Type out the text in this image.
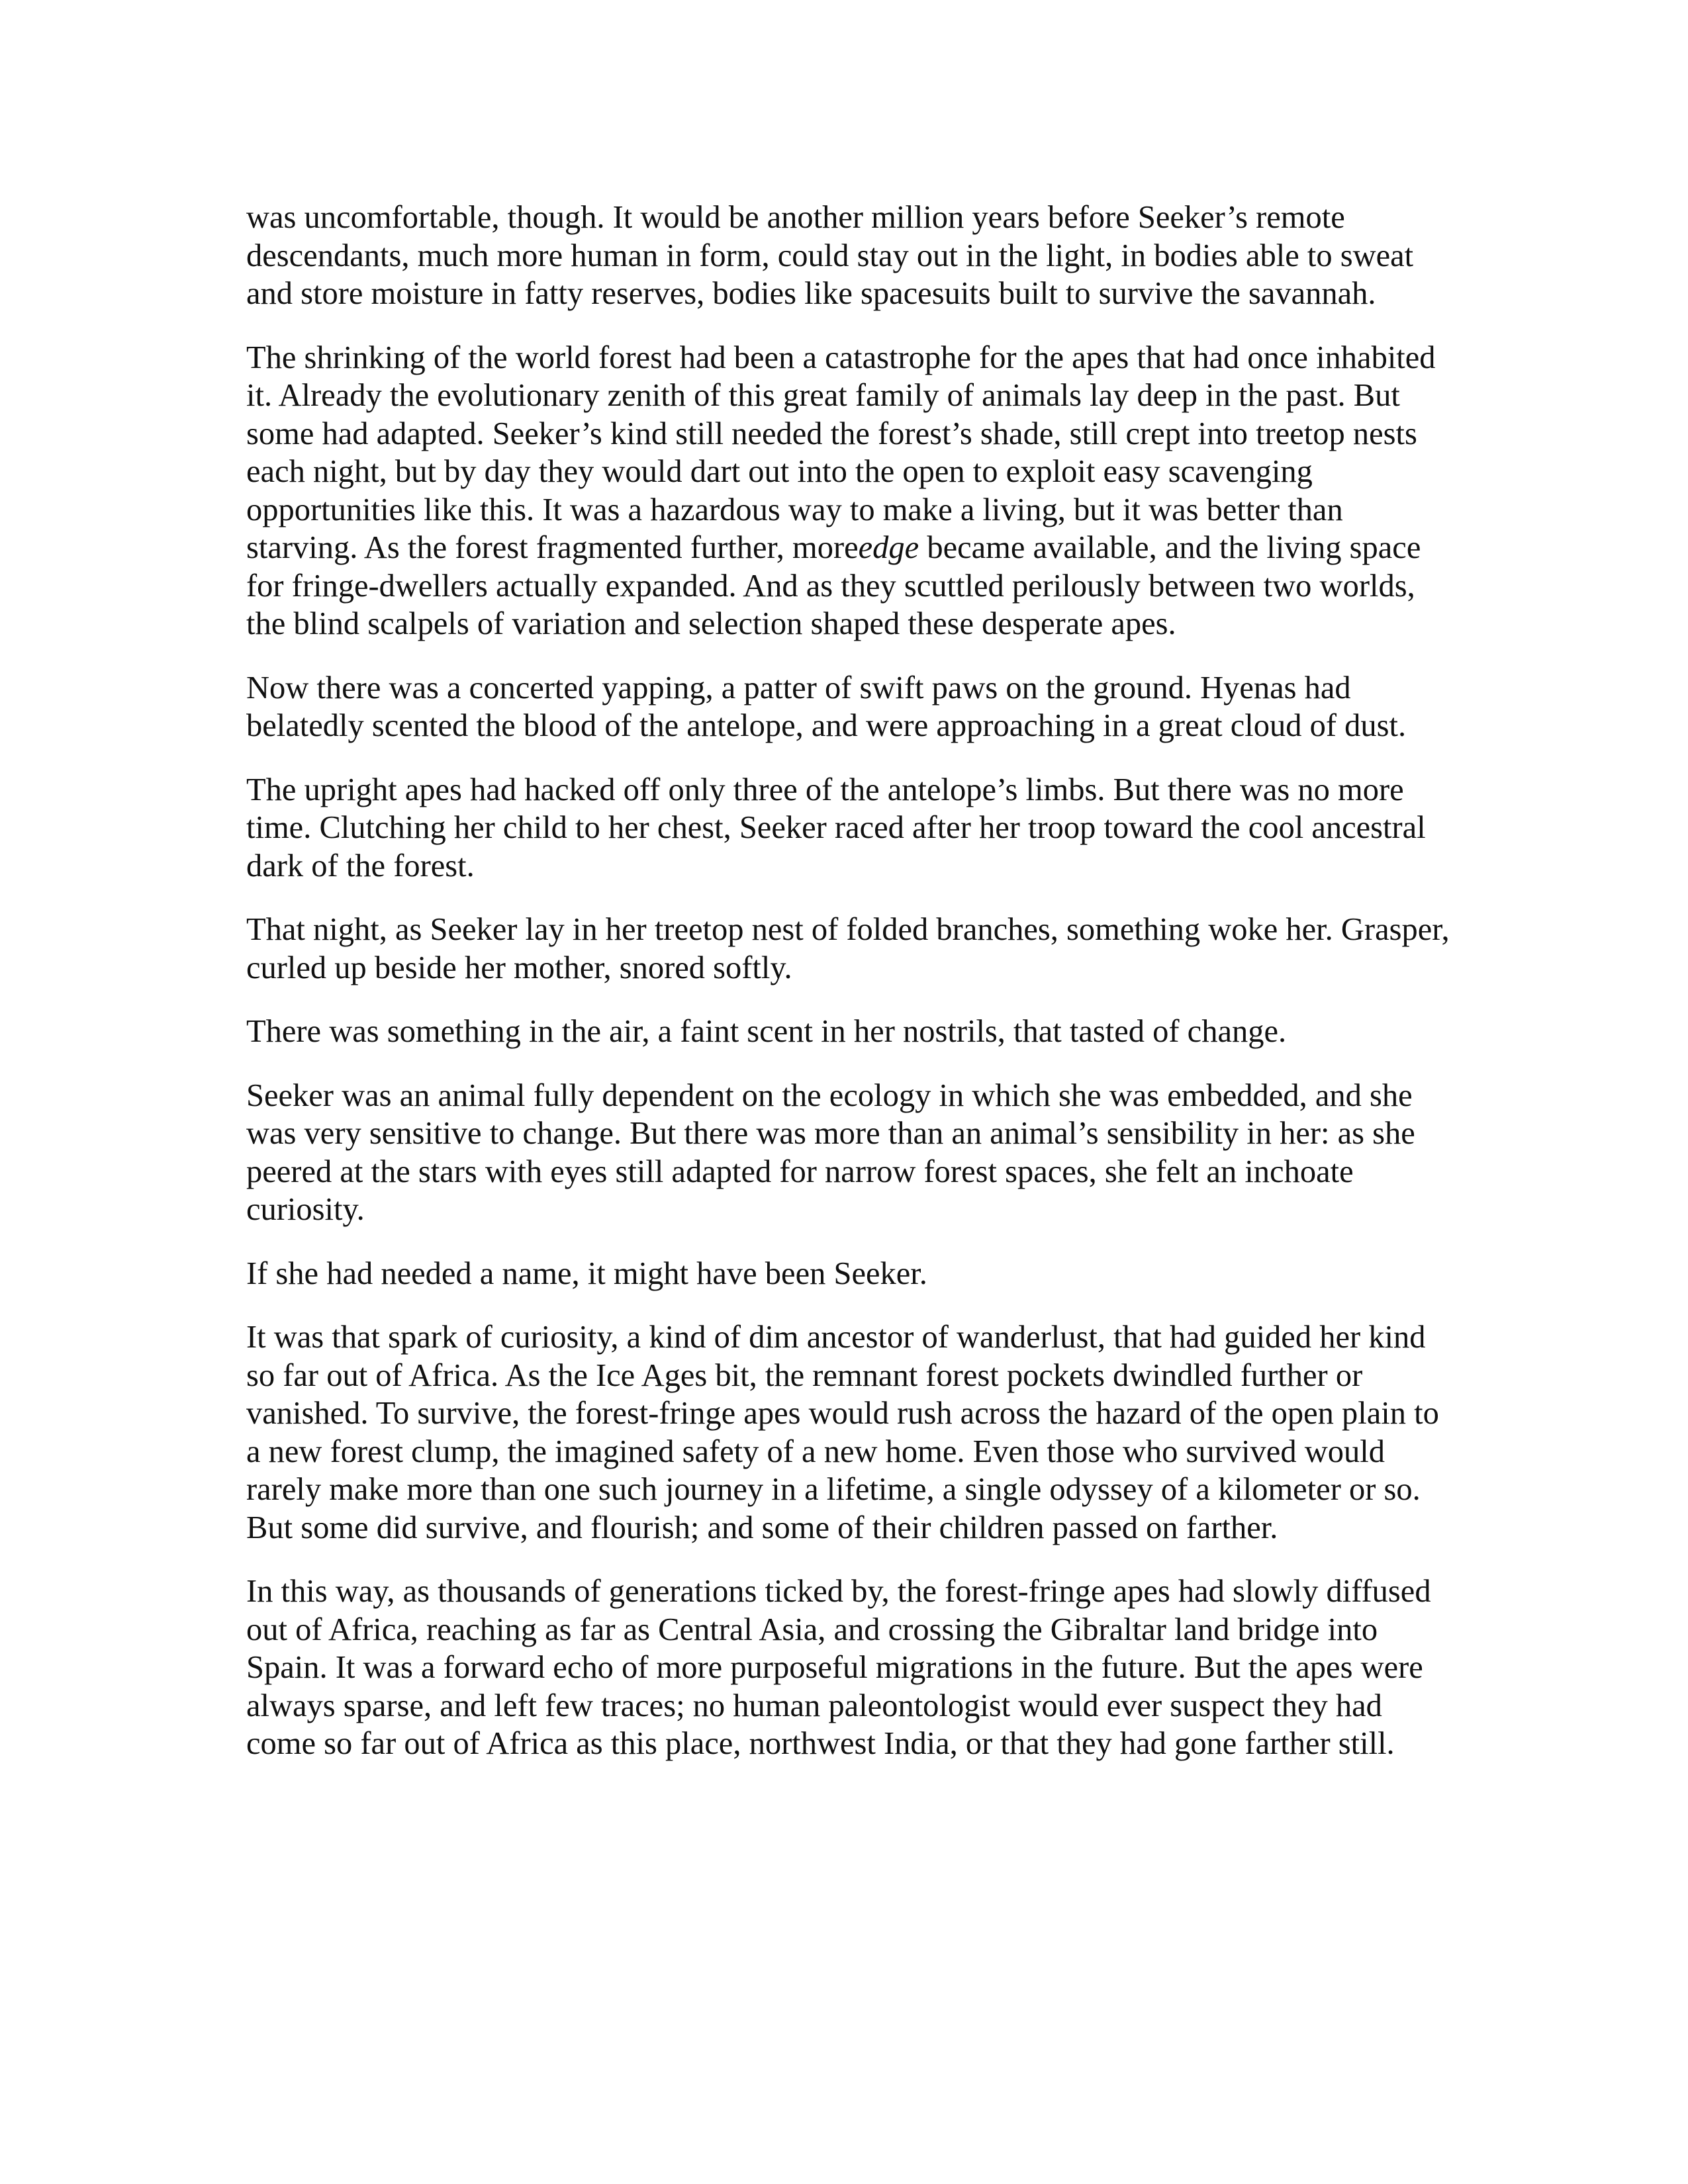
was uncomfortable, though. It would be another million years before Seeker’s remote descendants, much more human in form, could stay out in the light, in bodies able to sweat and store moisture in fatty reserves, bodies like spacesuits built to survive the savannah.

The shrinking of the world forest had been a catastrophe for the apes that had once inhabited it. Already the evolutionary zenith of this great family of animals lay deep in the past. But some had adapted. Seeker’s kind still needed the forest’s shade, still crept into treetop nests each night, but by day they would dart out into the open to exploit easy scavenging opportunities like this. It was a hazardous way to make a living, but it was better than starving. As the forest fragmented further, moreedge became available, and the living space for fringe-dwellers actually expanded. And as they scuttled perilously between two worlds, the blind scalpels of variation and selection shaped these desperate apes.

Now there was a concerted yapping, a patter of swift paws on the ground. Hyenas had belatedly scented the blood of the antelope, and were approaching in a great cloud of dust.

The upright apes had hacked off only three of the antelope’s limbs. But there was no more time. Clutching her child to her chest, Seeker raced after her troop toward the cool ancestral dark of the forest.

That night, as Seeker lay in her treetop nest of folded branches, something woke her. Grasper, curled up beside her mother, snored softly.

There was something in the air, a faint scent in her nostrils, that tasted of change.

Seeker was an animal fully dependent on the ecology in which she was embedded, and she was very sensitive to change. But there was more than an animal’s sensibility in her: as she peered at the stars with eyes still adapted for narrow forest spaces, she felt an inchoate curiosity.

If she had needed a name, it might have been Seeker.

It was that spark of curiosity, a kind of dim ancestor of wanderlust, that had guided her kind so far out of Africa. As the Ice Ages bit, the remnant forest pockets dwindled further or vanished. To survive, the forest-fringe apes would rush across the hazard of the open plain to a new forest clump, the imagined safety of a new home. Even those who survived would rarely make more than one such journey in a lifetime, a single odyssey of a kilometer or so. But some did survive, and flourish; and some of their children passed on farther.

In this way, as thousands of generations ticked by, the forest-fringe apes had slowly diffused out of Africa, reaching as far as Central Asia, and crossing the Gibraltar land bridge into Spain. It was a forward echo of more purposeful migrations in the future. But the apes were always sparse, and left few traces; no human paleontologist would ever suspect they had come so far out of Africa as this place, northwest India, or that they had gone farther still.
